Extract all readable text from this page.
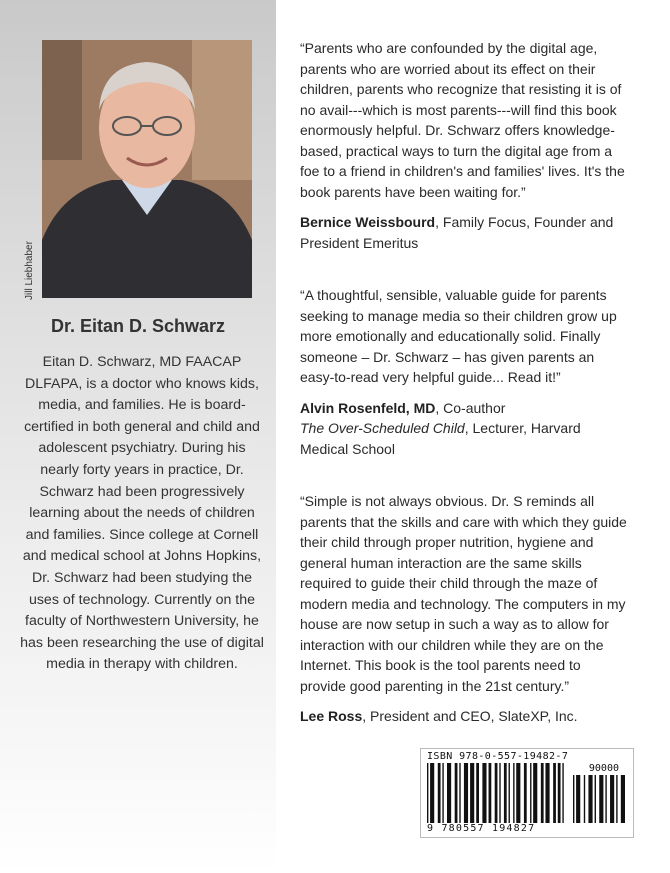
Jill Liebhaber
Dr. Eitan D. Schwarz
Eitan D. Schwarz, MD FAACAP DLFAPA, is a doctor who knows kids, media, and families. He is board- certified in both general and child and adolescent psychiatry. During his nearly forty years in practice, Dr. Schwarz had been progressively learning about the needs of children and families. Since college at Cornell and medical school at Johns Hopkins, Dr. Schwarz had been studying the uses of technology. Currently on the faculty of Northwestern University, he has been researching the use of digital media in therapy with children.

“Parents who are confounded by the digital age, parents who are worried about its effect on their children, parents who recognize that resisting it is of no avail---which is most parents---will find this book enormously helpful. Dr. Schwarz offers knowledge-based, practical ways to turn the digital age from a foe to a friend in children's and families' lives. It's the book parents have been waiting for.”

Bernice Weissbourd, Family Focus, Founder and President Emeritus

“A thoughtful, sensible, valuable guide for parents seeking to manage media so their children grow up more emotionally and educationally solid. Finally someone – Dr. Schwarz – has given parents an easy-to-read very helpful guide... Read it!”

Alvin Rosenfeld, MD, Co-author
The Over-Scheduled Child, Lecturer, Harvard Medical School

“Simple is not always obvious. Dr. S reminds all parents that the skills and care with which they guide their child through proper nutrition, hygiene and general human interaction are the same skills required to guide their child through the maze of modern media and technology. The computers in my house are now setup in such a way as to allow for interaction with our children while they are on the Internet. This book is the tool parents need to provide good parenting in the 21st century.”

Lee Ross, President and CEO, SlateXP, Inc.

ISBN 978-0-557-19482-7
90000
9 780557 194827
